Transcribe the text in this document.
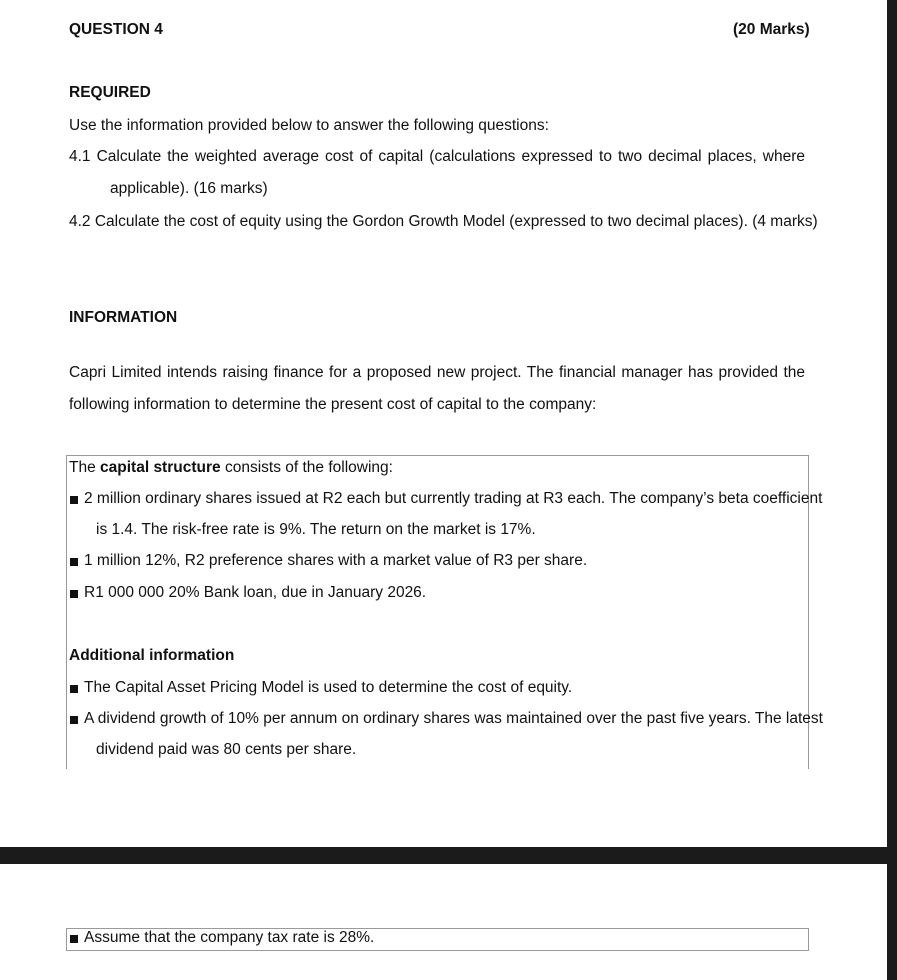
QUESTION 4	(20 Marks)
REQUIRED
Use the information provided below to answer the following questions:
4.1 Calculate the weighted average cost of capital (calculations expressed to two decimal places, where
applicable). (16 marks)
4.2 Calculate the cost of equity using the Gordon Growth Model (expressed to two decimal places). (4 marks)
INFORMATION
Capri Limited intends raising finance for a proposed new project. The financial manager has provided the
following information to determine the present cost of capital to the company:
The capital structure consists of the following:
2 million ordinary shares issued at R2 each but currently trading at R3 each. The company’s beta coefficient
is 1.4. The risk-free rate is 9%. The return on the market is 17%.
1 million 12%, R2 preference shares with a market value of R3 per share.
R1 000 000 20% Bank loan, due in January 2026.
Additional information
The Capital Asset Pricing Model is used to determine the cost of equity.
A dividend growth of 10% per annum on ordinary shares was maintained over the past five years. The latest
dividend paid was 80 cents per share.
Assume that the company tax rate is 28%.
